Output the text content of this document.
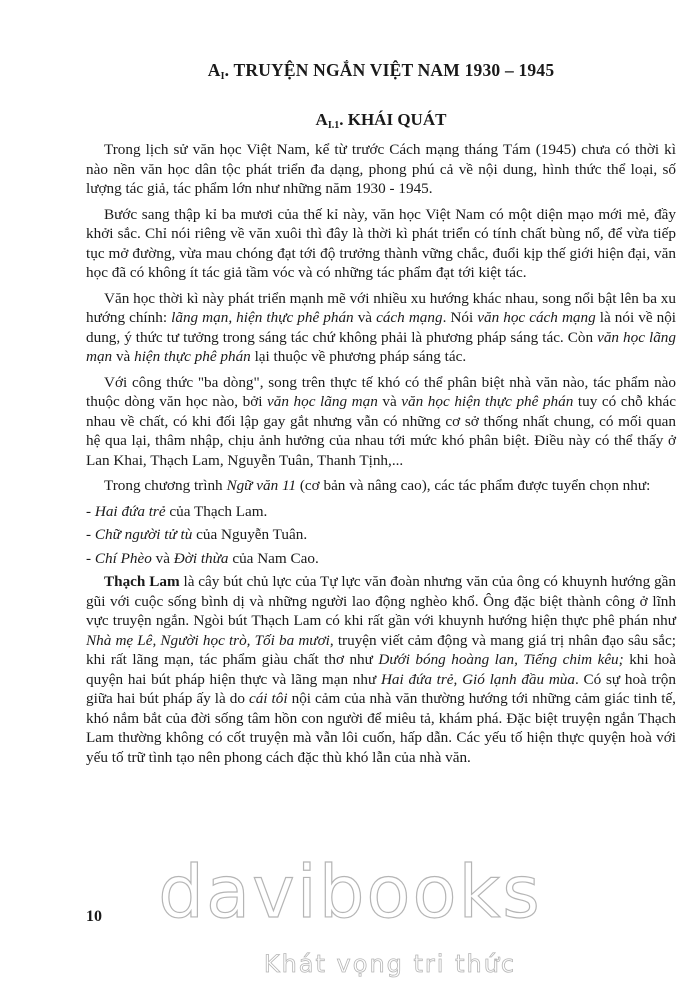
$A_I$. TRUYỆN NGẮN VIỆT NAM 1930 – 1945
$A_{I.1}$. KHÁI QUÁT

Trong lịch sử văn học Việt Nam, kể từ trước Cách mạng tháng Tám (1945) chưa có thời kì nào nền văn học dân tộc phát triển đa dạng, phong phú cả về nội dung, hình thức thể loại, số lượng tác giả, tác phẩm lớn như những năm 1930 - 1945.

Bước sang thập kỉ ba mươi của thế kỉ này, văn học Việt Nam có một diện mạo mới mẻ, đầy khởi sắc. Chỉ nói riêng về văn xuôi thì đây là thời kì phát triển có tính chất bùng nổ, để vừa tiếp tục mở đường, vừa mau chóng đạt tới độ trưởng thành vững chắc, đuổi kịp thế giới hiện đại, văn học đã có không ít tác giả tầm vóc và có những tác phẩm đạt tới kiệt tác.

Văn học thời kì này phát triển mạnh mẽ với nhiều xu hướng khác nhau, song nổi bật lên ba xu hướng chính: lãng mạn, hiện thực phê phán và cách mạng. Nói văn học cách mạng là nói về nội dung, ý thức tư tưởng trong sáng tác chứ không phải là phương pháp sáng tác. Còn văn học lãng mạn và hiện thực phê phán lại thuộc về phương pháp sáng tác.

Với công thức "ba dòng", song trên thực tế khó có thể phân biệt nhà văn nào, tác phẩm nào thuộc dòng văn học nào, bởi văn học lãng mạn và văn học hiện thực phê phán tuy có chỗ khác nhau về chất, có khi đối lập gay gắt nhưng vẫn có những cơ sở thống nhất chung, có mối quan hệ qua lại, thâm nhập, chịu ảnh hưởng của nhau tới mức khó phân biệt. Điều này có thể thấy ở Lan Khai, Thạch Lam, Nguyễn Tuân, Thanh Tịnh,...

Trong chương trình Ngữ văn 11 (cơ bản và nâng cao), các tác phẩm được tuyển chọn như:

- Hai đứa trẻ của Thạch Lam.

- Chữ người tử tù của Nguyễn Tuân.

- Chí Phèo và Đời thừa của Nam Cao.

Thạch Lam là cây bút chủ lực của Tự lực văn đoàn nhưng văn của ông có khuynh hướng gần gũi với cuộc sống bình dị và những người lao động nghèo khổ. Ông đặc biệt thành công ở lĩnh vực truyện ngắn. Ngòi bút Thạch Lam có khi rất gần với khuynh hướng hiện thực phê phán như Nhà mẹ Lê, Người học trò, Tối ba mươi, truyện viết cảm động và mang giá trị nhân đạo sâu sắc; khi rất lãng mạn, tác phẩm giàu chất thơ như Dưới bóng hoàng lan, Tiếng chim kêu; khi hoà quyện hai bút pháp hiện thực và lãng mạn như Hai đứa trẻ, Gió lạnh đầu mùa. Có sự hoà trộn giữa hai bút pháp ấy là do cái tôi nội cảm của nhà văn thường hướng tới những cảm giác tinh tế, khó nắm bắt của đời sống tâm hồn con người để miêu tả, khám phá. Đặc biệt truyện ngắn Thạch Lam thường không có cốt truyện mà vẫn lôi cuốn, hấp dẫn. Các yếu tố hiện thực quyện hoà với yếu tố trữ tình tạo nên phong cách đặc thù khó lẫn của nhà văn.

10 davibooks
Khát vọng tri thức
